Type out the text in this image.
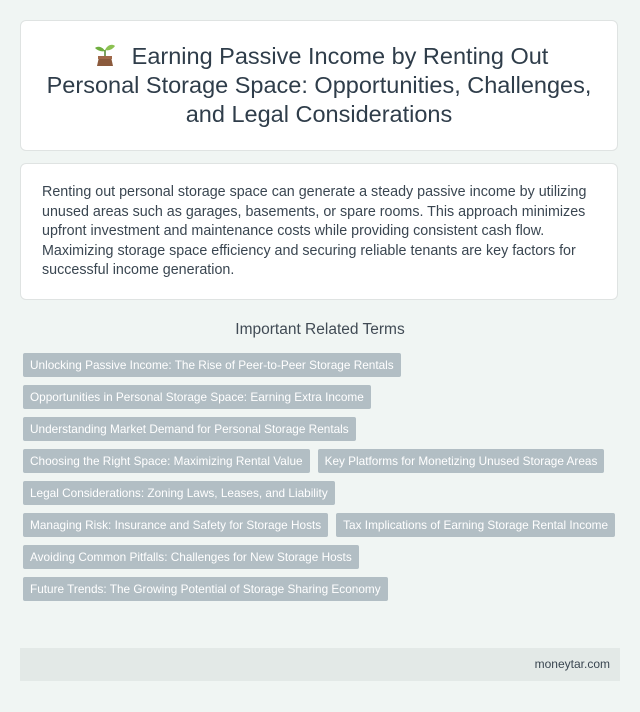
Earning Passive Income by Renting Out Personal Storage Space: Opportunities, Challenges, and Legal Considerations

Renting out personal storage space can generate a steady passive income by utilizing unused areas such as garages, basements, or spare rooms. This approach minimizes upfront investment and maintenance costs while providing consistent cash flow. Maximizing storage space efficiency and securing reliable tenants are key factors for successful income generation.

Important Related Terms
Unlocking Passive Income: The Rise of Peer-to-Peer Storage Rentals
Opportunities in Personal Storage Space: Earning Extra Income
Understanding Market Demand for Personal Storage Rentals
Choosing the Right Space: Maximizing Rental Value	Key Platforms for Monetizing Unused Storage Areas
Legal Considerations: Zoning Laws, Leases, and Liability
Managing Risk: Insurance and Safety for Storage Hosts	Tax Implications of Earning Storage Rental Income
Avoiding Common Pitfalls: Challenges for New Storage Hosts
Future Trends: The Growing Potential of Storage Sharing Economy
moneytar.com
